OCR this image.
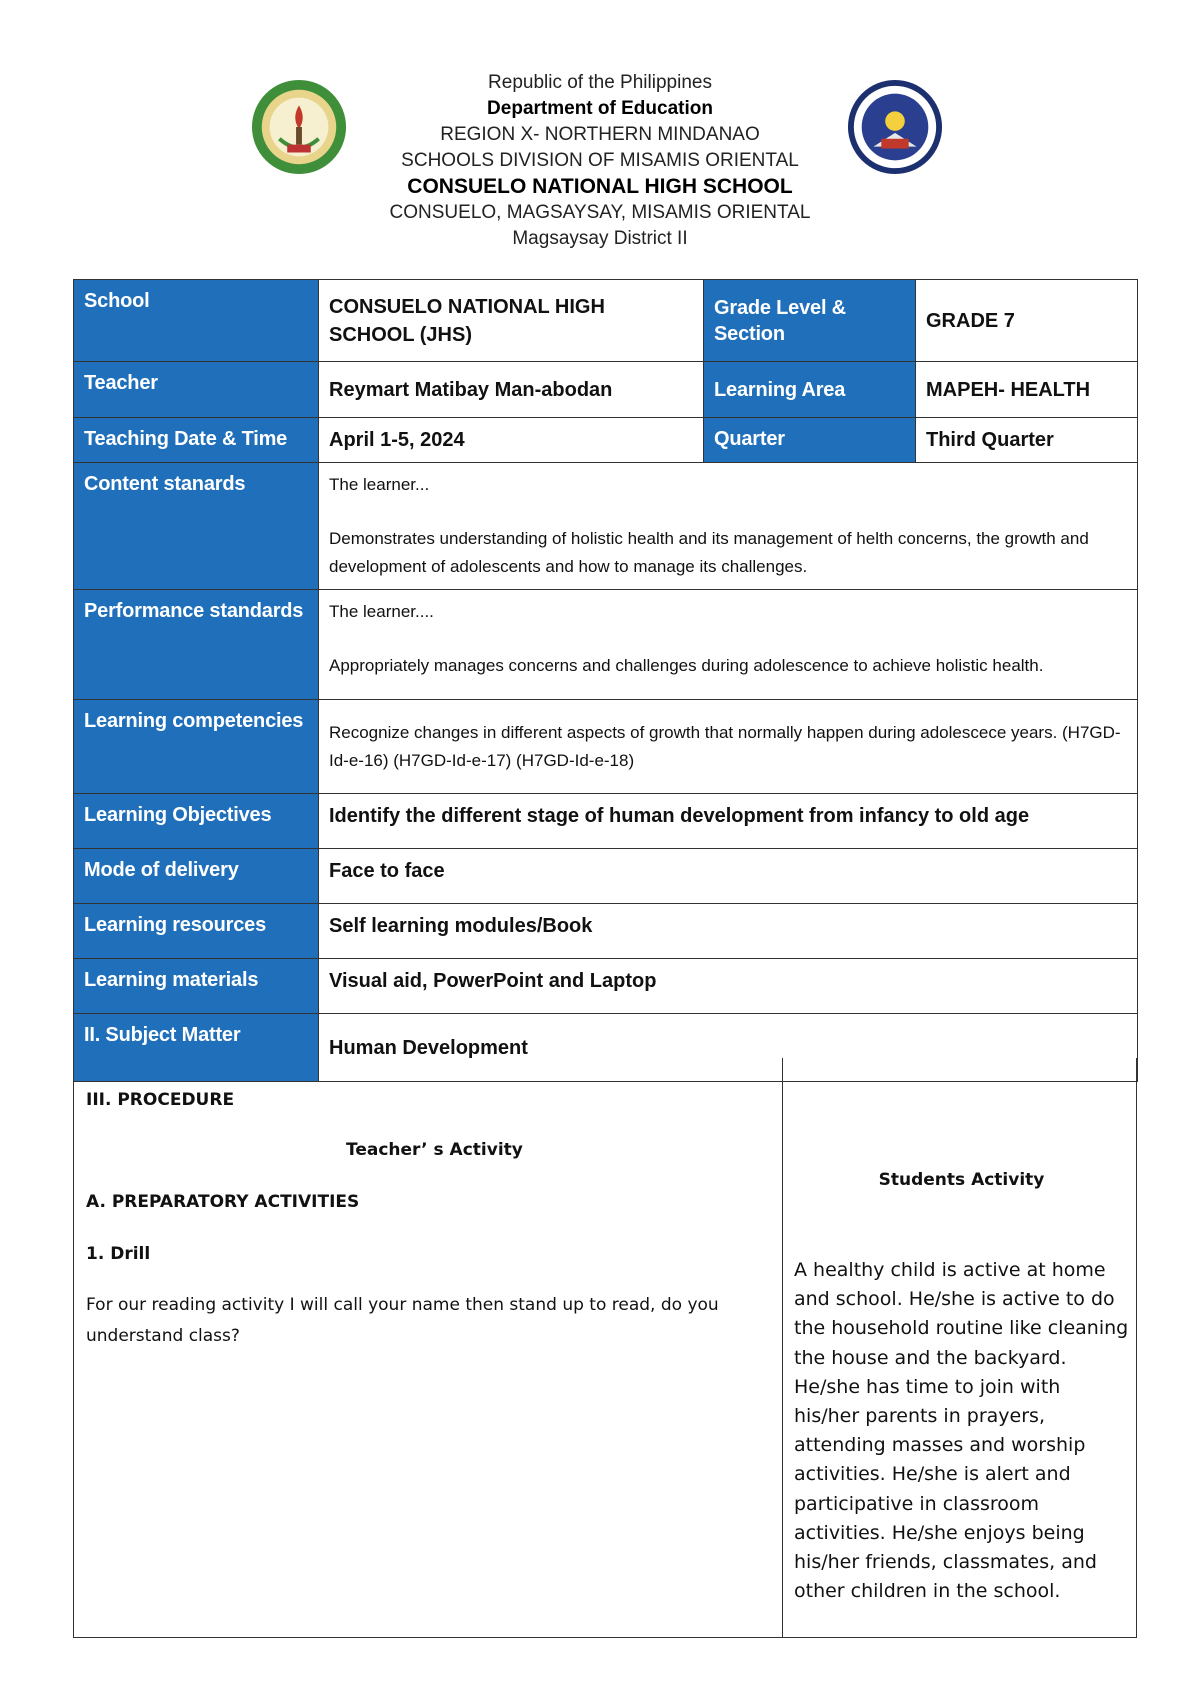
Republic of the Philippines
Department of Education
REGION X- NORTHERN MINDANAO
SCHOOLS DIVISION OF MISAMIS ORIENTAL
CONSUELO NATIONAL HIGH SCHOOL
CONSUELO, MAGSAYSAY, MISAMIS ORIENTAL
Magsaysay District II
School	CONSUELO NATIONAL HIGH SCHOOL (JHS)	Grade Level & Section	GRADE 7
Teacher	Reymart Matibay Man-abodan	Learning Area	MAPEH- HEALTH
Teaching Date & Time	April 1-5, 2024	Quarter	Third Quarter
Content stanards	The learner...
Demonstrates understanding of holistic health and its management of helth concerns, the growth and development of adolescents and how to manage its challenges.		

Performance standards	The learner....
Appropriately manages concerns and challenges during adolescence to achieve holistic health.		

Learning competencies	Recognize changes in different aspects of growth that normally happen during adolescece years. (H7GD-Id-e-16) (H7GD-Id-e-17) (H7GD-Id-e-18)		
Learning Objectives	Identify the different stage of human development from infancy to old age		
Mode of delivery	Face to face		
Learning resources	Self learning modules/Book		
Learning materials	Visual aid, PowerPoint and Laptop		
II. Subject Matter	Human Development		
III. PROCEDURE
Teacher’ s Activity
A. PREPARATORY ACTIVITIES
1. Drill
For our reading activity I will call your name then stand up to read, do you understand class?
Students Activity
A healthy child is active at home and school. He/she is active to do the household routine like cleaning the house and the backyard. He/she has time to join with his/her parents in prayers, attending masses and worship activities. He/she is alert and participative in classroom activities. He/she enjoys being his/her friends, classmates, and other children in the school.
